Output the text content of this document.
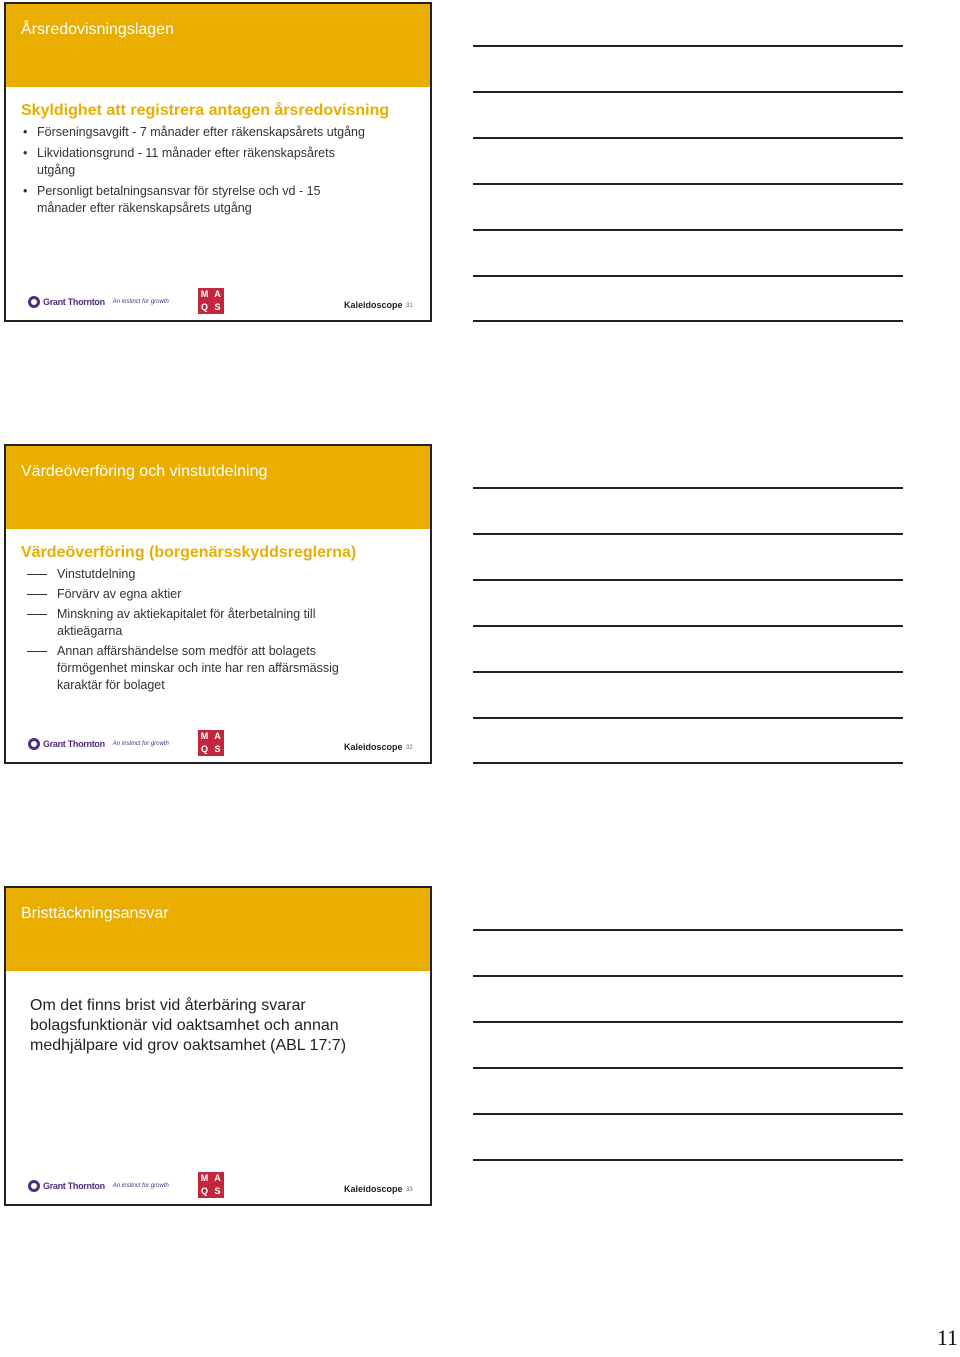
Årsredovisningslagen
Skyldighet att registrera antagen årsredovisning
• Förseningsavgift - 7 månader efter räkenskapsårets utgång
• Likvidationsgrund - 11 månader efter räkenskapsårets utgång
• Personligt betalningsansvar för styrelse och vd - 15 månader efter räkenskapsårets utgång
Grant Thornton An instinct for growth
M A
Q S	Kaleidoscope 31
Värdeöverföring och vinstutdelning
Värdeöverföring (borgenärsskyddsreglerna)
Vinstutdelning
Förvärv av egna aktier
Minskning av aktiekapitalet för återbetalning till aktieägarna
Annan affärshändelse som medför att bolagets förmögenhet minskar och inte har ren affärsmässig karaktär för bolaget
Grant Thornton An instinct for growth
M A
Q S	Kaleidoscope 32
Bristtäckningsansvar
Om det finns brist vid återbäring svarar bolagsfunktionär vid oaktsamhet och annan medhjälpare vid grov oaktsamhet (ABL 17:7)
Grant Thornton An instinct for growth
M A
Q S	Kaleidoscope 33
11
